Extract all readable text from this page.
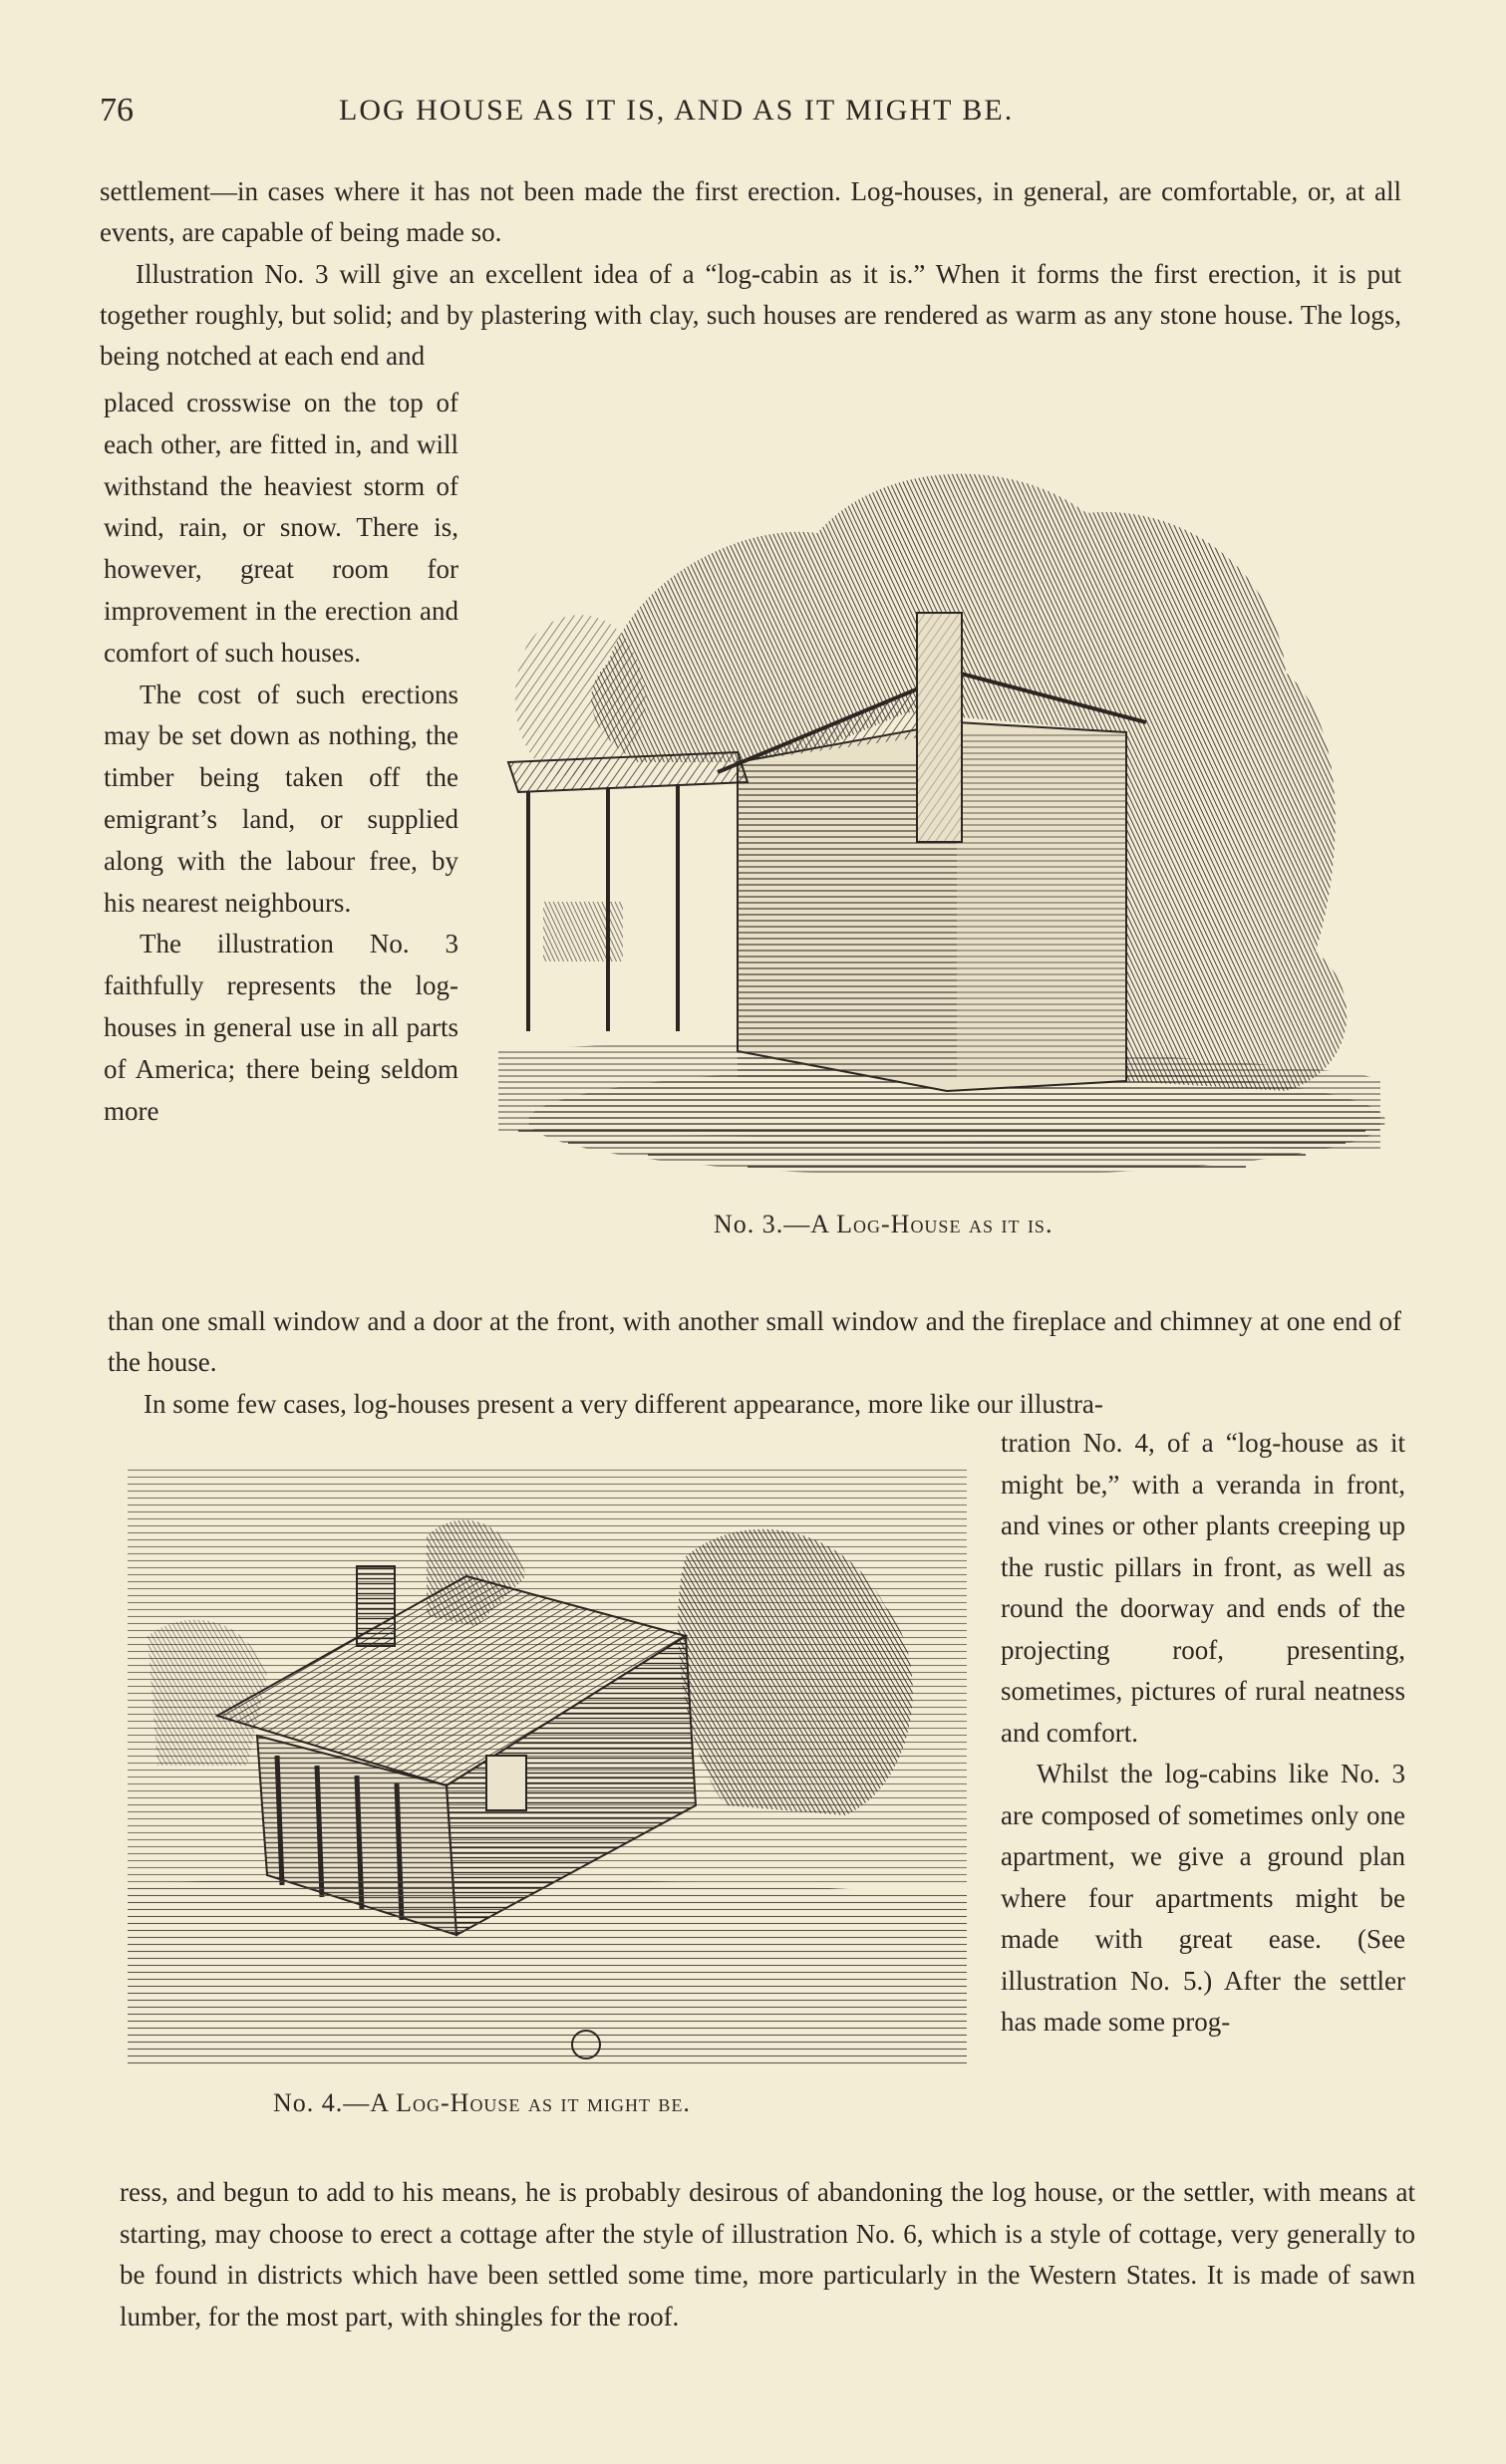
76	LOG HOUSE AS IT IS, AND AS IT MIGHT BE.

settlement—in cases where it has not been made the first erection. Log-houses, in general, are comfortable, or, at all events, are capable of being made so.

Illustration No. 3 will give an excellent idea of a “log-cabin as it is.” When it forms the first erection, it is put together roughly, but solid; and by plastering with clay, such houses are rendered as warm as any stone house. The logs, being notched at each end and

placed crosswise on the top of each other, are fitted in, and will withstand the heaviest storm of wind, rain, or snow. There is, however, great room for improvement in the erection and comfort of such houses.

The cost of such erections may be set down as nothing, the timber being taken off the emigrant’s land, or supplied along with the labour free, by his nearest neighbours.

The illustration No. 3 faithfully represents the log-houses in general use in all parts of America; there being seldom more

No. 3.—A Log-House as it is.

than one small window and a door at the front, with another small window and the fireplace and chimney at one end of the house.

In some few cases, log-houses present a very different appearance, more like our illustra-

No. 4.—A Log-House as it might be.

tration No. 4, of a “log-house as it might be,” with a veranda in front, and vines or other plants creeping up the rustic pillars in front, as well as round the doorway and ends of the projecting roof, presenting, sometimes, pictures of rural neatness and comfort.

Whilst the log-cabins like No. 3 are composed of sometimes only one apartment, we give a ground plan where four apartments might be made with great ease. (See illustration No. 5.) After the settler has made some prog-

ress, and begun to add to his means, he is probably desirous of abandoning the log house, or the settler, with means at starting, may choose to erect a cottage after the style of illustration No. 6, which is a style of cottage, very generally to be found in districts which have been settled some time, more particularly in the Western States. It is made of sawn lumber, for the most part, with shingles for the roof.
